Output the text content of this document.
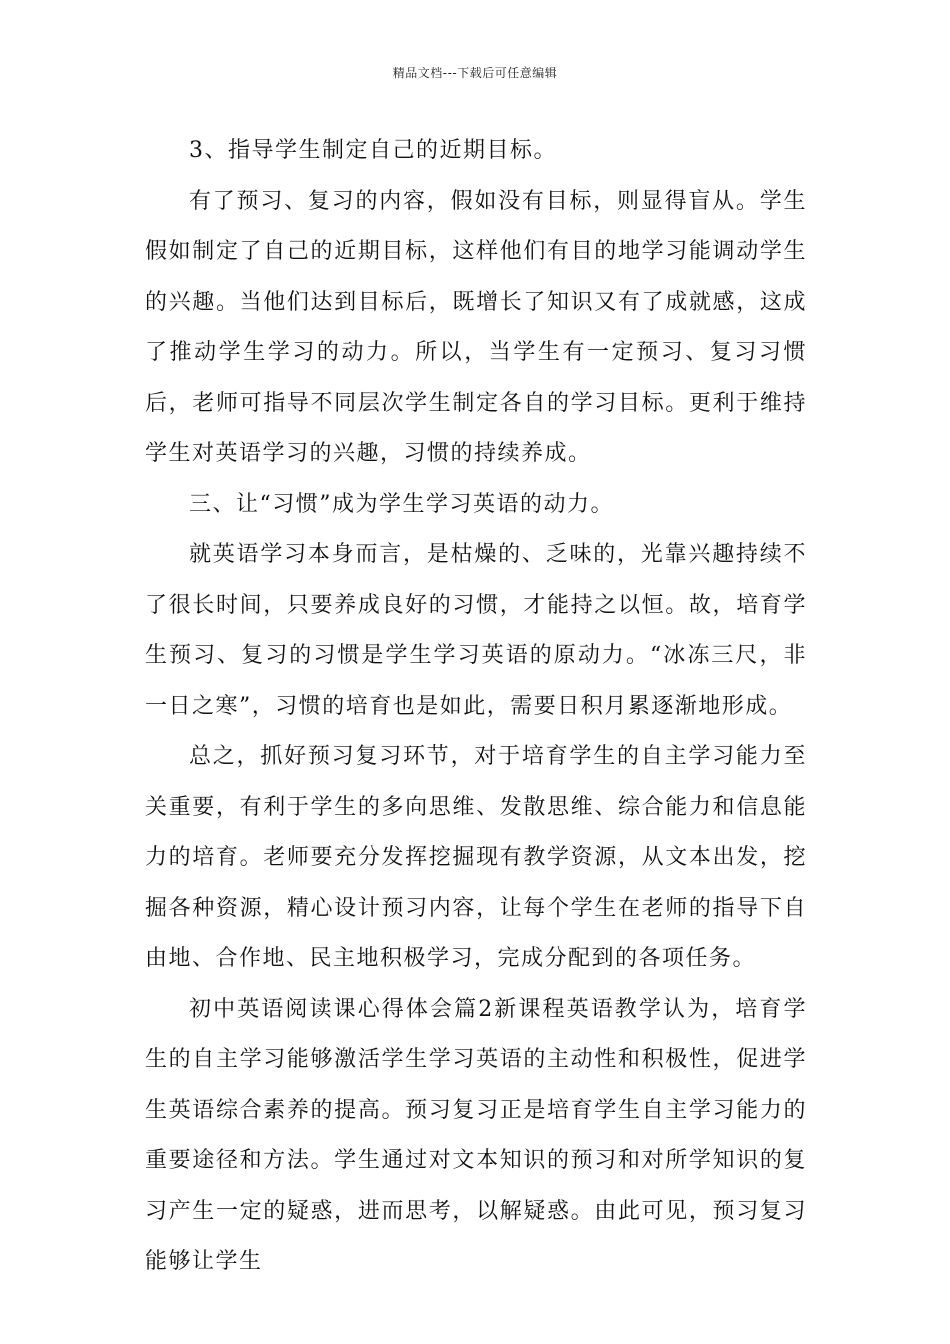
精品文档---下载后可任意编辑

3、指导学生制定自己的近期目标。

有了预习、复习的内容，假如没有目标，则显得盲从。学生假如制定了自己的近期目标，这样他们有目的地学习能调动学生的兴趣。当他们达到目标后，既增长了知识又有了成就感，这成了推动学生学习的动力。所以，当学生有一定预习、复习习惯后，老师可指导不同层次学生制定各自的学习目标。更利于维持学生对英语学习的兴趣，习惯的持续养成。

三、让“习惯”成为学生学习英语的动力。

就英语学习本身而言，是枯燥的、乏味的，光靠兴趣持续不了很长时间，只要养成良好的习惯，才能持之以恒。故，培育学生预习、复习的习惯是学生学习英语的原动力。“冰冻三尺，非一日之寒”，习惯的培育也是如此，需要日积月累逐渐地形成。

总之，抓好预习复习环节，对于培育学生的自主学习能力至关重要，有利于学生的多向思维、发散思维、综合能力和信息能力的培育。老师要充分发挥挖掘现有教学资源，从文本出发，挖掘各种资源，精心设计预习内容，让每个学生在老师的指导下自由地、合作地、民主地积极学习，完成分配到的各项任务。

初中英语阅读课心得体会篇2新课程英语教学认为，培育学生的自主学习能够激活学生学习英语的主动性和积极性，促进学生英语综合素养的提高。预习复习正是培育学生自主学习能力的重要途径和方法。学生通过对文本知识的预习和对所学知识的复习产生一定的疑惑，进而思考，以解疑惑。由此可见，预习复习能够让学生
